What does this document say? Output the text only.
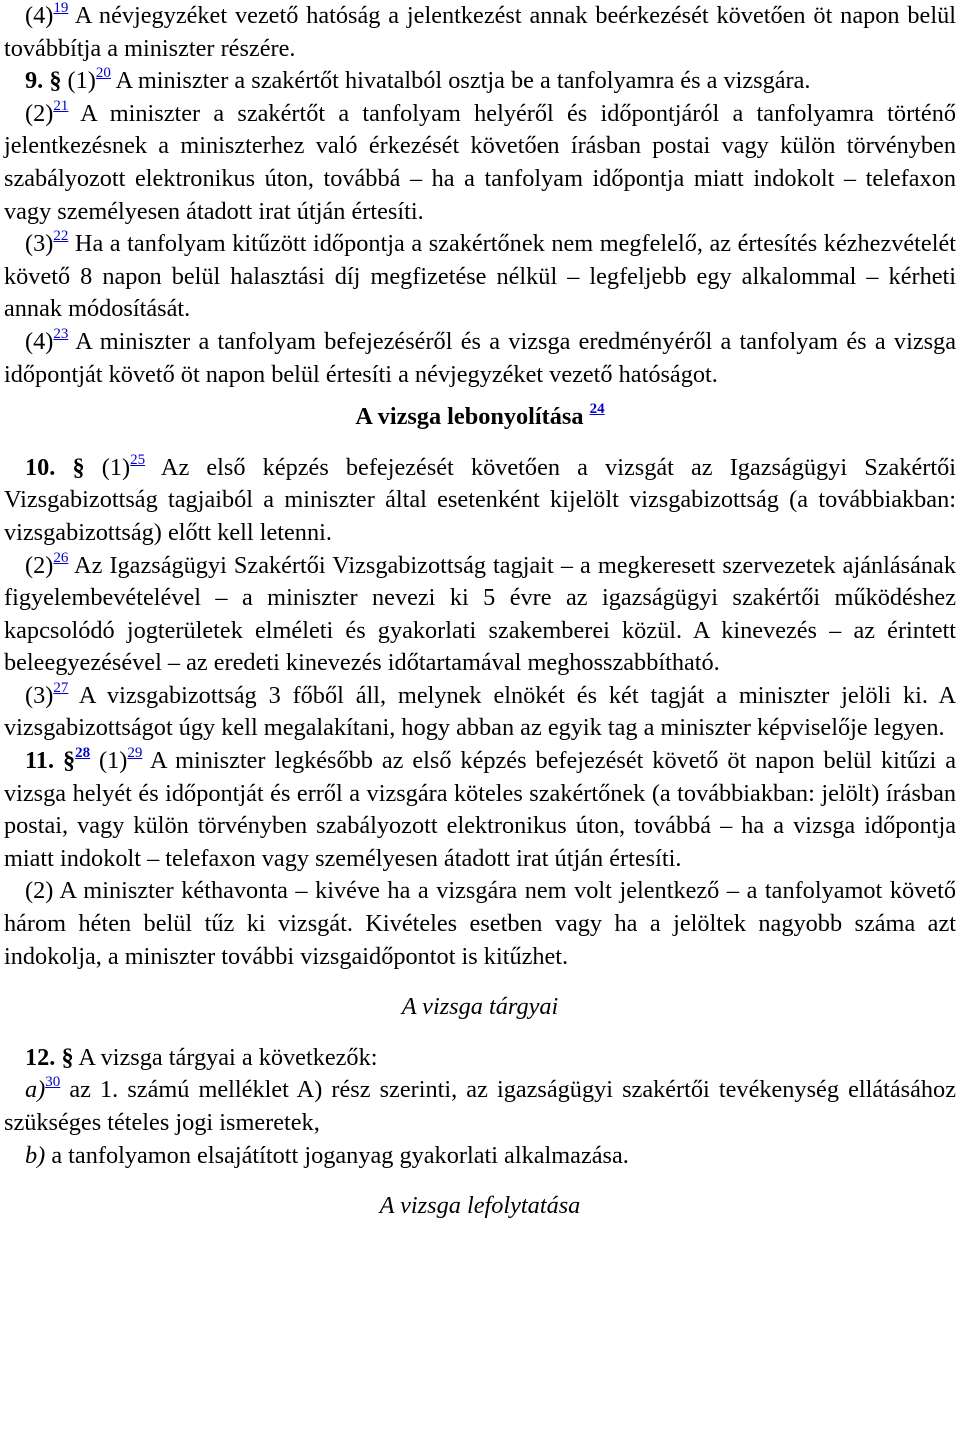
(4)$^{19}$ A névjegyzéket vezető hatóság a jelentkezést annak beérkezését követően öt napon belül továbbítja a miniszter részére.

9. § (1)$^{20}$ A miniszter a szakértőt hivatalból osztja be a tanfolyamra és a vizsgára.

(2)$^{21}$ A miniszter a szakértőt a tanfolyam helyéről és időpontjáról a tanfolyamra történő jelentkezésnek a miniszterhez való érkezését követően írásban postai vagy külön törvényben szabályozott elektronikus úton, továbbá – ha a tanfolyam időpontja miatt indokolt – telefaxon vagy személyesen átadott irat útján értesíti.

(3)$^{22}$ Ha a tanfolyam kitűzött időpontja a szakértőnek nem megfelelő, az értesítés kézhezvételét követő 8 napon belül halasztási díj megfizetése nélkül – legfeljebb egy alkalommal – kérheti annak módosítását.

(4)$^{23}$ A miniszter a tanfolyam befejezéséről és a vizsga eredményéről a tanfolyam és a vizsga időpontját követő öt napon belül értesíti a névjegyzéket vezető hatóságot.

A vizsga lebonyolítása $^{24}$

10. § (1)$^{25}$ Az első képzés befejezését követően a vizsgát az Igazságügyi Szakértői Vizsgabizottság tagjaiból a miniszter által esetenként kijelölt vizsgabizottság (a továbbiakban: vizsgabizottság) előtt kell letenni.

(2)$^{26}$ Az Igazságügyi Szakértői Vizsgabizottság tagjait – a megkeresett szervezetek ajánlásának figyelembevételével – a miniszter nevezi ki 5 évre az igazságügyi szakértői működéshez kapcsolódó jogterületek elméleti és gyakorlati szakemberei közül. A kinevezés – az érintett beleegyezésével – az eredeti kinevezés időtartamával meghosszabbítható.

(3)$^{27}$ A vizsgabizottság 3 főből áll, melynek elnökét és két tagját a miniszter jelöli ki. A vizsgabizottságot úgy kell megalakítani, hogy abban az egyik tag a miniszter képviselője legyen.

11. §$^{28}$ (1)$^{29}$ A miniszter legkésőbb az első képzés befejezését követő öt napon belül kitűzi a vizsga helyét és időpontját és erről a vizsgára köteles szakértőnek (a továbbiakban: jelölt) írásban postai, vagy külön törvényben szabályozott elektronikus úton, továbbá – ha a vizsga időpontja miatt indokolt – telefaxon vagy személyesen átadott irat útján értesíti.

(2) A miniszter kéthavonta – kivéve ha a vizsgára nem volt jelentkező – a tanfolyamot követő három héten belül tűz ki vizsgát. Kivételes esetben vagy ha a jelöltek nagyobb száma azt indokolja, a miniszter további vizsgaidőpontot is kitűzhet.

A vizsga tárgyai

12. § A vizsga tárgyai a következők:

a)$^{30}$ az 1. számú melléklet A) rész szerinti, az igazságügyi szakértői tevékenység ellátásához szükséges tételes jogi ismeretek,

b) a tanfolyamon elsajátított joganyag gyakorlati alkalmazása.

A vizsga lefolytatása
